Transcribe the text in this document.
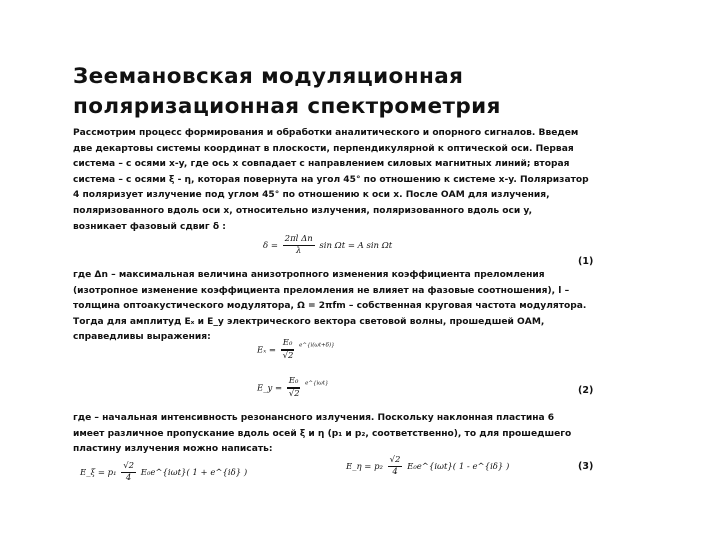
Зеемановская модуляционная
поляризационная спектрометрия
Рассмотрим процесс формирования и обработки аналитического и опорного сигналов. Введем
две декартовы системы координат в плоскости, перпендикулярной к оптической оси. Первая
система – с осями x-y, где ось x совпадает с направлением силовых магнитных линий; вторая
система – с осями ξ - η, которая повернута на угол 45° по отношению к системе x-y. Поляризатор
4 поляризует излучение под углом 45° по отношению к оси x. После ОАМ для излучения,
поляризованного вдоль оси x, относительно излучения, поляризованного вдоль оси y,
возникает фазовый сдвиг δ :
$\delta = \frac{\text{2πl Δn}}{\lambda}$ sin Ωt = A sin Ωt
(1)
где Δn – максимальная величина анизотропного изменения коэффициента преломления
(изотропное изменение коэффициента преломления не влияет на фазовые соотношения), l –
толщина оптоакустического модулятора, Ω = 2πfm – собственная круговая частота модулятора.
Тогда для амплитуд Eₓ и E_y электрического вектора световой волны, прошедшей ОАМ,
справедливы выражения:
$E_x = \frac{\text{E₀}}{√2} ^{e\^{}\{i(\omega t+\delta)\}}$
E_y = $\frac{\text{E₀}}{√2} ^{e\^{}\{i\omega t\}}$
(2)
где – начальная интенсивность резонансного излучения. Поскольку наклонная пластина 6
имеет различное пропускание вдоль осей ξ и η (p₁ и p₂, соответственно), то для прошедшего
пластину излучения можно написать:
E_ξ = $p_1 \frac{√2}{4}$ E₀e^{iωt}( 1 + e^{iδ} )
E_η = $p_2 \frac{√2}{4}$ E₀e^{iωt}( 1 - e^{iδ} )	(3)
